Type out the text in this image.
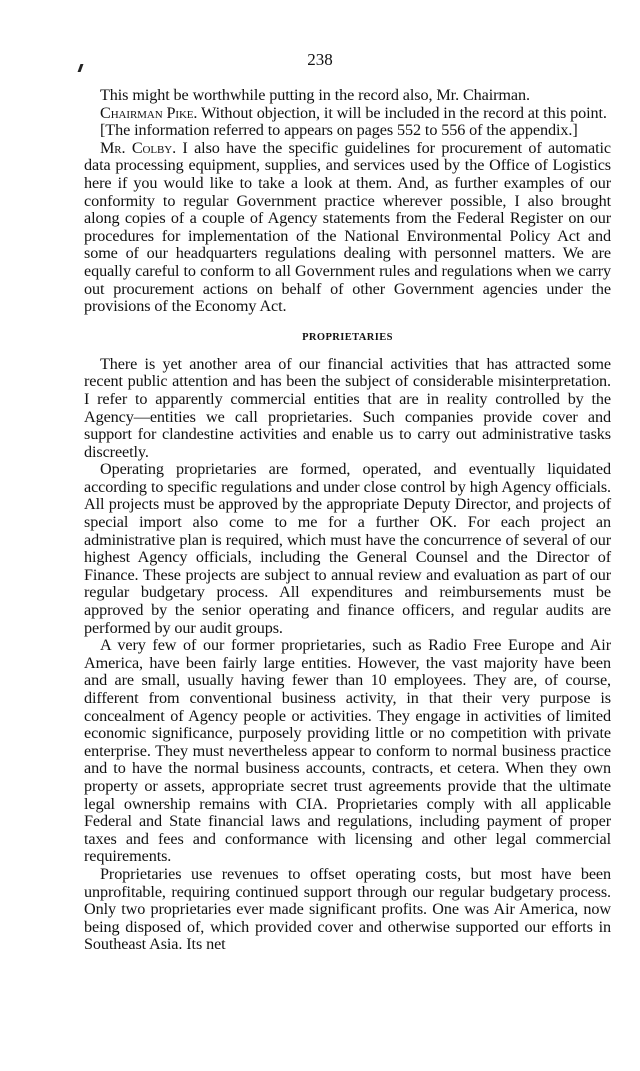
238

This might be worthwhile putting in the record also, Mr. Chairman.

Chairman Pike. Without objection, it will be included in the record at this point.

[The information referred to appears on pages 552 to 556 of the appendix.]

Mr. Colby. I also have the specific guidelines for procurement of automatic data processing equipment, supplies, and services used by the Office of Logistics here if you would like to take a look at them. And, as further examples of our conformity to regular Government practice wherever possible, I also brought along copies of a couple of Agency statements from the Federal Register on our procedures for implementation of the National Environmental Policy Act and some of our headquarters regulations dealing with personnel matters. We are equally careful to conform to all Government rules and regulations when we carry out procurement actions on behalf of other Government agencies under the provisions of the Economy Act.

PROPRIETARIES

There is yet another area of our financial activities that has attracted some recent public attention and has been the subject of considerable misinterpretation. I refer to apparently commercial entities that are in reality controlled by the Agency—entities we call proprietaries. Such companies provide cover and support for clandestine activities and enable us to carry out administrative tasks discreetly.

Operating proprietaries are formed, operated, and eventually liquidated according to specific regulations and under close control by high Agency officials. All projects must be approved by the appropriate Deputy Director, and projects of special import also come to me for a further OK. For each project an administrative plan is required, which must have the concurrence of several of our highest Agency officials, including the General Counsel and the Director of Finance. These projects are subject to annual review and evaluation as part of our regular budgetary process. All expenditures and reimbursements must be approved by the senior operating and finance officers, and regular audits are performed by our audit groups.

A very few of our former proprietaries, such as Radio Free Europe and Air America, have been fairly large entities. However, the vast majority have been and are small, usually having fewer than 10 employees. They are, of course, different from conventional business activity, in that their very purpose is concealment of Agency people or activities. They engage in activities of limited economic significance, purposely providing little or no competition with private enterprise. They must nevertheless appear to conform to normal business practice and to have the normal business accounts, contracts, et cetera. When they own property or assets, appropriate secret trust agreements provide that the ultimate legal ownership remains with CIA. Proprietaries comply with all applicable Federal and State financial laws and regulations, including payment of proper taxes and fees and conformance with licensing and other legal commercial requirements.

Proprietaries use revenues to offset operating costs, but most have been unprofitable, requiring continued support through our regular budgetary process. Only two proprietaries ever made significant profits. One was Air America, now being disposed of, which provided cover and otherwise supported our efforts in Southeast Asia. Its net
